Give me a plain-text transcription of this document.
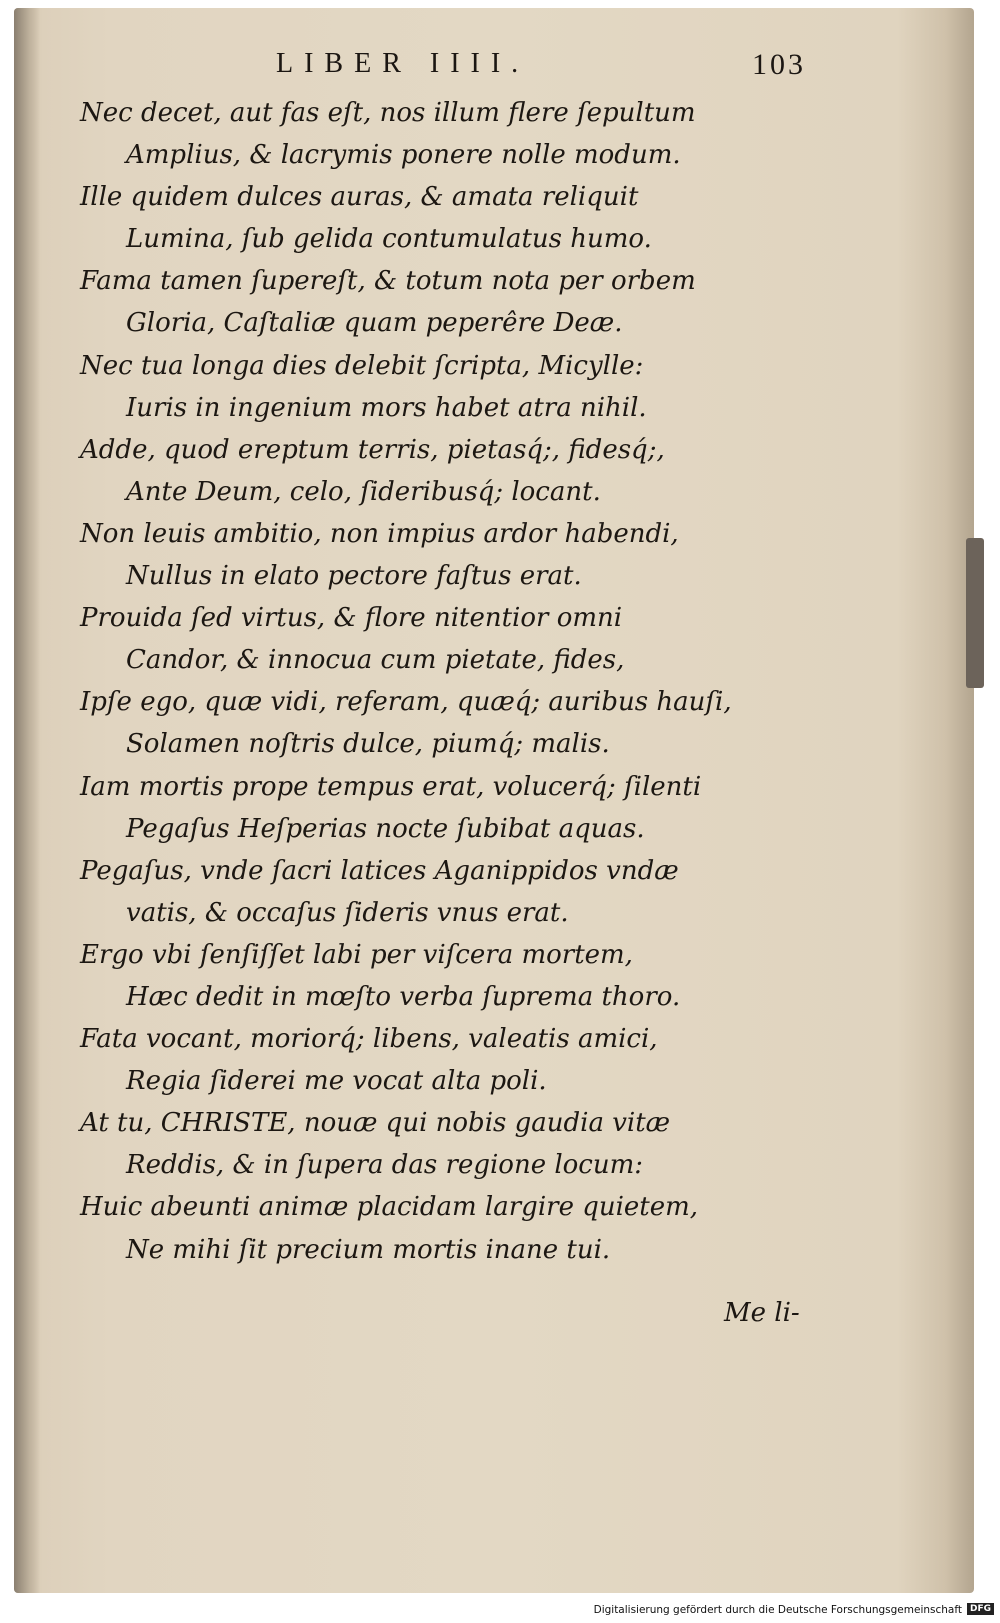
LIBER IIII.	103
Nec decet, aut fas eſt, nos illum flere ſepultum
Amplius, & lacrymis ponere nolle modum.
Ille quidem dulces auras, & amata reliquit
Lumina, ſub gelida contumulatus humo.
Fama tamen ſupereſt, & totum nota per orbem
Gloria, Caſtaliæ quam peperêre Deæ.
Nec tua longa dies delebit ſcripta, Micylle:
Iuris in ingenium mors habet atra nihil.
Adde, quod ereptum terris, pietasq́;, fidesq́;,
Ante Deum, celo, ſideribusq́; locant.
Non leuis ambitio, non impius ardor habendi,
Nullus in elato pectore faſtus erat.
Prouida ſed virtus, & flore nitentior omni
Candor, & innocua cum pietate, fides,
Ipſe ego, quæ vidi, referam, quæq́; auribus hauſi,
Solamen noſtris dulce, piumq́; malis.
Iam mortis prope tempus erat, volucerq́; ſilenti
Pegaſus Heſperias nocte ſubibat aquas.
Pegaſus, vnde ſacri latices Aganippidos vndæ
vatis, & occaſus ſideris vnus erat.
Ergo vbi ſenſiſſet labi per viſcera mortem,
Hæc dedit in mœſto verba ſuprema thoro.
Fata vocant, moriorq́; libens, valeatis amici,
Regia ſiderei me vocat alta poli.
At tu, CHRISTE, nouæ qui nobis gaudia vitæ
Reddis, & in ſupera das regione locum:
Huic abeunti animæ placidam largire quietem,
Ne mihi ſit precium mortis inane tui.
Me li-
Digitalisierung gefördert durch die Deutsche Forschungsgemeinschaft DFG
